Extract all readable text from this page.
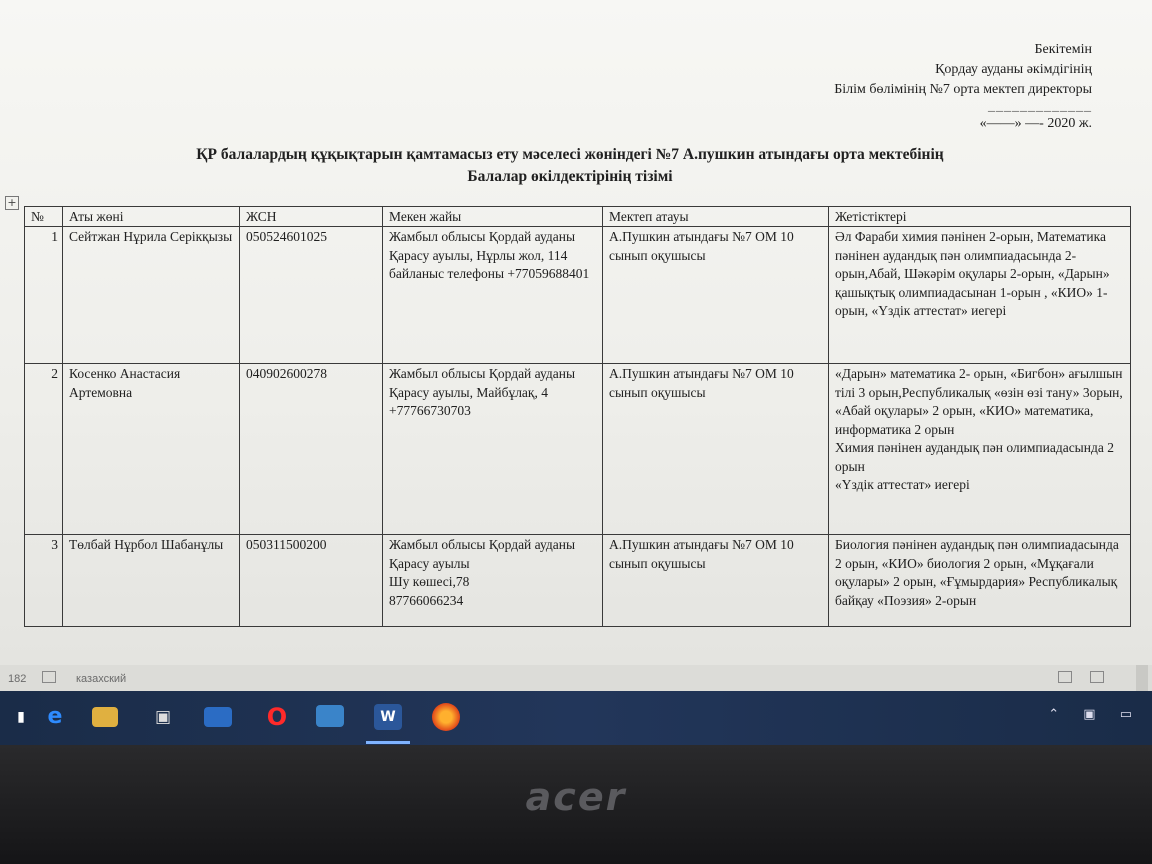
Бекітемін
Қордау ауданы әкімдігінің
Білім бөлімінің №7 орта мектеп директоры
_____________
«——» —- 2020 ж.
ҚР балалардың құқықтарын қамтамасыз ету мәселесі жөніндегі №7 А.пушкин атындағы орта мектебінің
Балалар өкілдектірінің тізімі
+
№	Аты жөні	ЖСН	Мекен жайы	Мектеп атауы	Жетістіктері
1	Сейтжан Нұрила Серікқызы	050524601025	Жамбыл облысы Қордай ауданы
Қарасу ауылы, Нұрлы жол, 114 байланыс телефоны +77059688401	А.Пушкин атындағы №7 ОМ 10 сынып оқушысы	Әл Фараби химия пәнінен 2-орын, Математика пәнінен аудандық пән олимпиадасында 2-орын,Абай, Шәкәрім оқулары 2-орын, «Дарын» қашықтық олимпиадасынан 1-орын , «КИО» 1-орын, «Үздік аттестат» иегері
2	Косенко Анастасия Артемовна	040902600278	Жамбыл облысы Қордай ауданы
Қарасу ауылы, Майбұлақ, 4 +77766730703	А.Пушкин атындағы №7 ОМ 10 сынып оқушысы	«Дарын» математика 2- орын, «Бигбон» ағылшын тілі 3 орын,Республикалық «өзін өзі тану» 3орын, «Абай оқулары» 2 орын, «КИО» математика, информатика 2 орын
Химия пәнінен аудандық пән олимпиадасында 2 орын
«Үздік аттестат» иегері

3	Төлбай Нұрбол Шабанұлы	050311500200	Жамбыл облысы Қордай ауданы
Қарасу ауылы
Шу көшесі,78
87766066234	А.Пушкин атындағы №7 ОМ 10 сынып оқушысы	Биология пәнінен аудандық пән олимпиадасында 2 орын, «КИО» биология 2 орын, «Мұқағали оқулары» 2 орын, «Ғұмырдария» Республикалық байқау «Поэзия» 2-орын
182	казахский
▮	e	▣	O	W	⌃ ▣ ▭
acer
